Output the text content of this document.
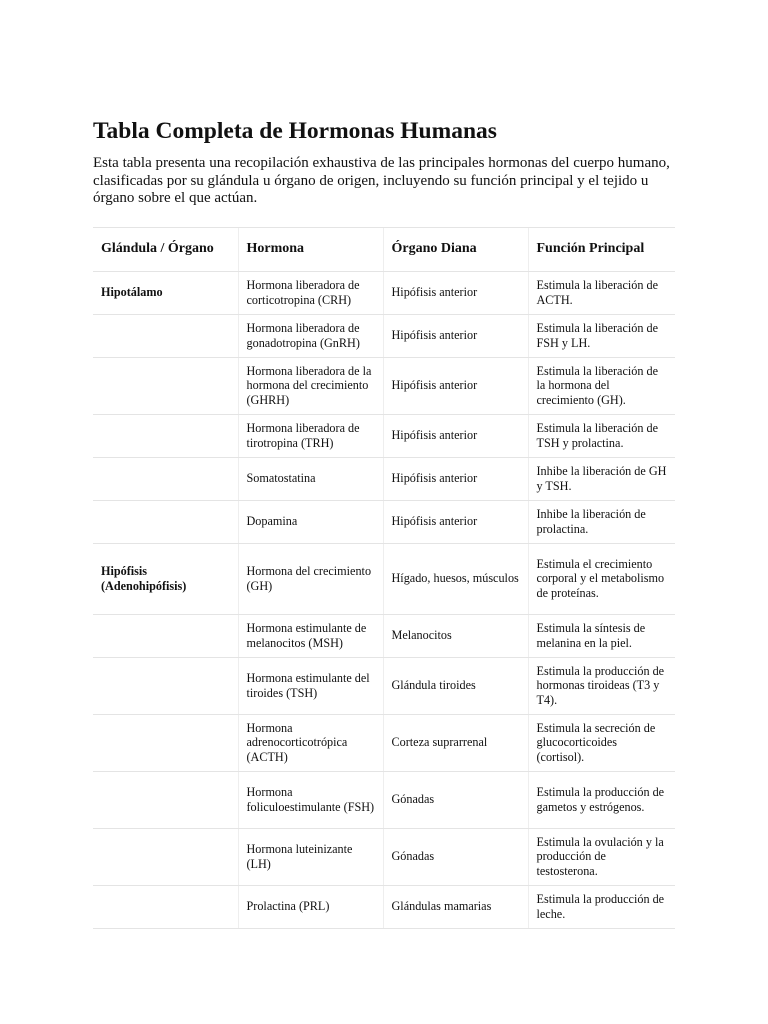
Tabla Completa de Hormonas Humanas

Esta tabla presenta una recopilación exhaustiva de las principales hormonas del cuerpo humano, clasificadas por su glándula u órgano de origen, incluyendo su función principal y el tejido u órgano sobre el que actúan.

Glándula / Órgano	Hormona	Órgano Diana	Función Principal
Hipotálamo	Hormona liberadora de corticotropina (CRH)	Hipófisis anterior	Estimula la liberación de ACTH.
	Hormona liberadora de gonadotropina (GnRH)	Hipófisis anterior	Estimula la liberación de FSH y LH.
	Hormona liberadora de la hormona del crecimiento (GHRH)	Hipófisis anterior	Estimula la liberación de la hormona del crecimiento (GH).
	Hormona liberadora de tirotropina (TRH)	Hipófisis anterior	Estimula la liberación de TSH y prolactina.
	Somatostatina	Hipófisis anterior	Inhibe la liberación de GH y TSH.
	Dopamina	Hipófisis anterior	Inhibe la liberación de prolactina.
Hipófisis (Adenohipófisis)	Hormona del crecimiento (GH)	Hígado, huesos, músculos	Estimula el crecimiento corporal y el metabolismo de proteínas.
	Hormona estimulante de melanocitos (MSH)	Melanocitos	Estimula la síntesis de melanina en la piel.
	Hormona estimulante del tiroides (TSH)	Glándula tiroides	Estimula la producción de hormonas tiroideas (T3 y T4).
	Hormona adrenocorticotrópica (ACTH)	Corteza suprarrenal	Estimula la secreción de glucocorticoides (cortisol).
	Hormona foliculoestimulante (FSH)	Gónadas	Estimula la producción de gametos y estrógenos.
	Hormona luteinizante (LH)	Gónadas	Estimula la ovulación y la producción de testosterona.
	Prolactina (PRL)	Glándulas mamarias	Estimula la producción de leche.
